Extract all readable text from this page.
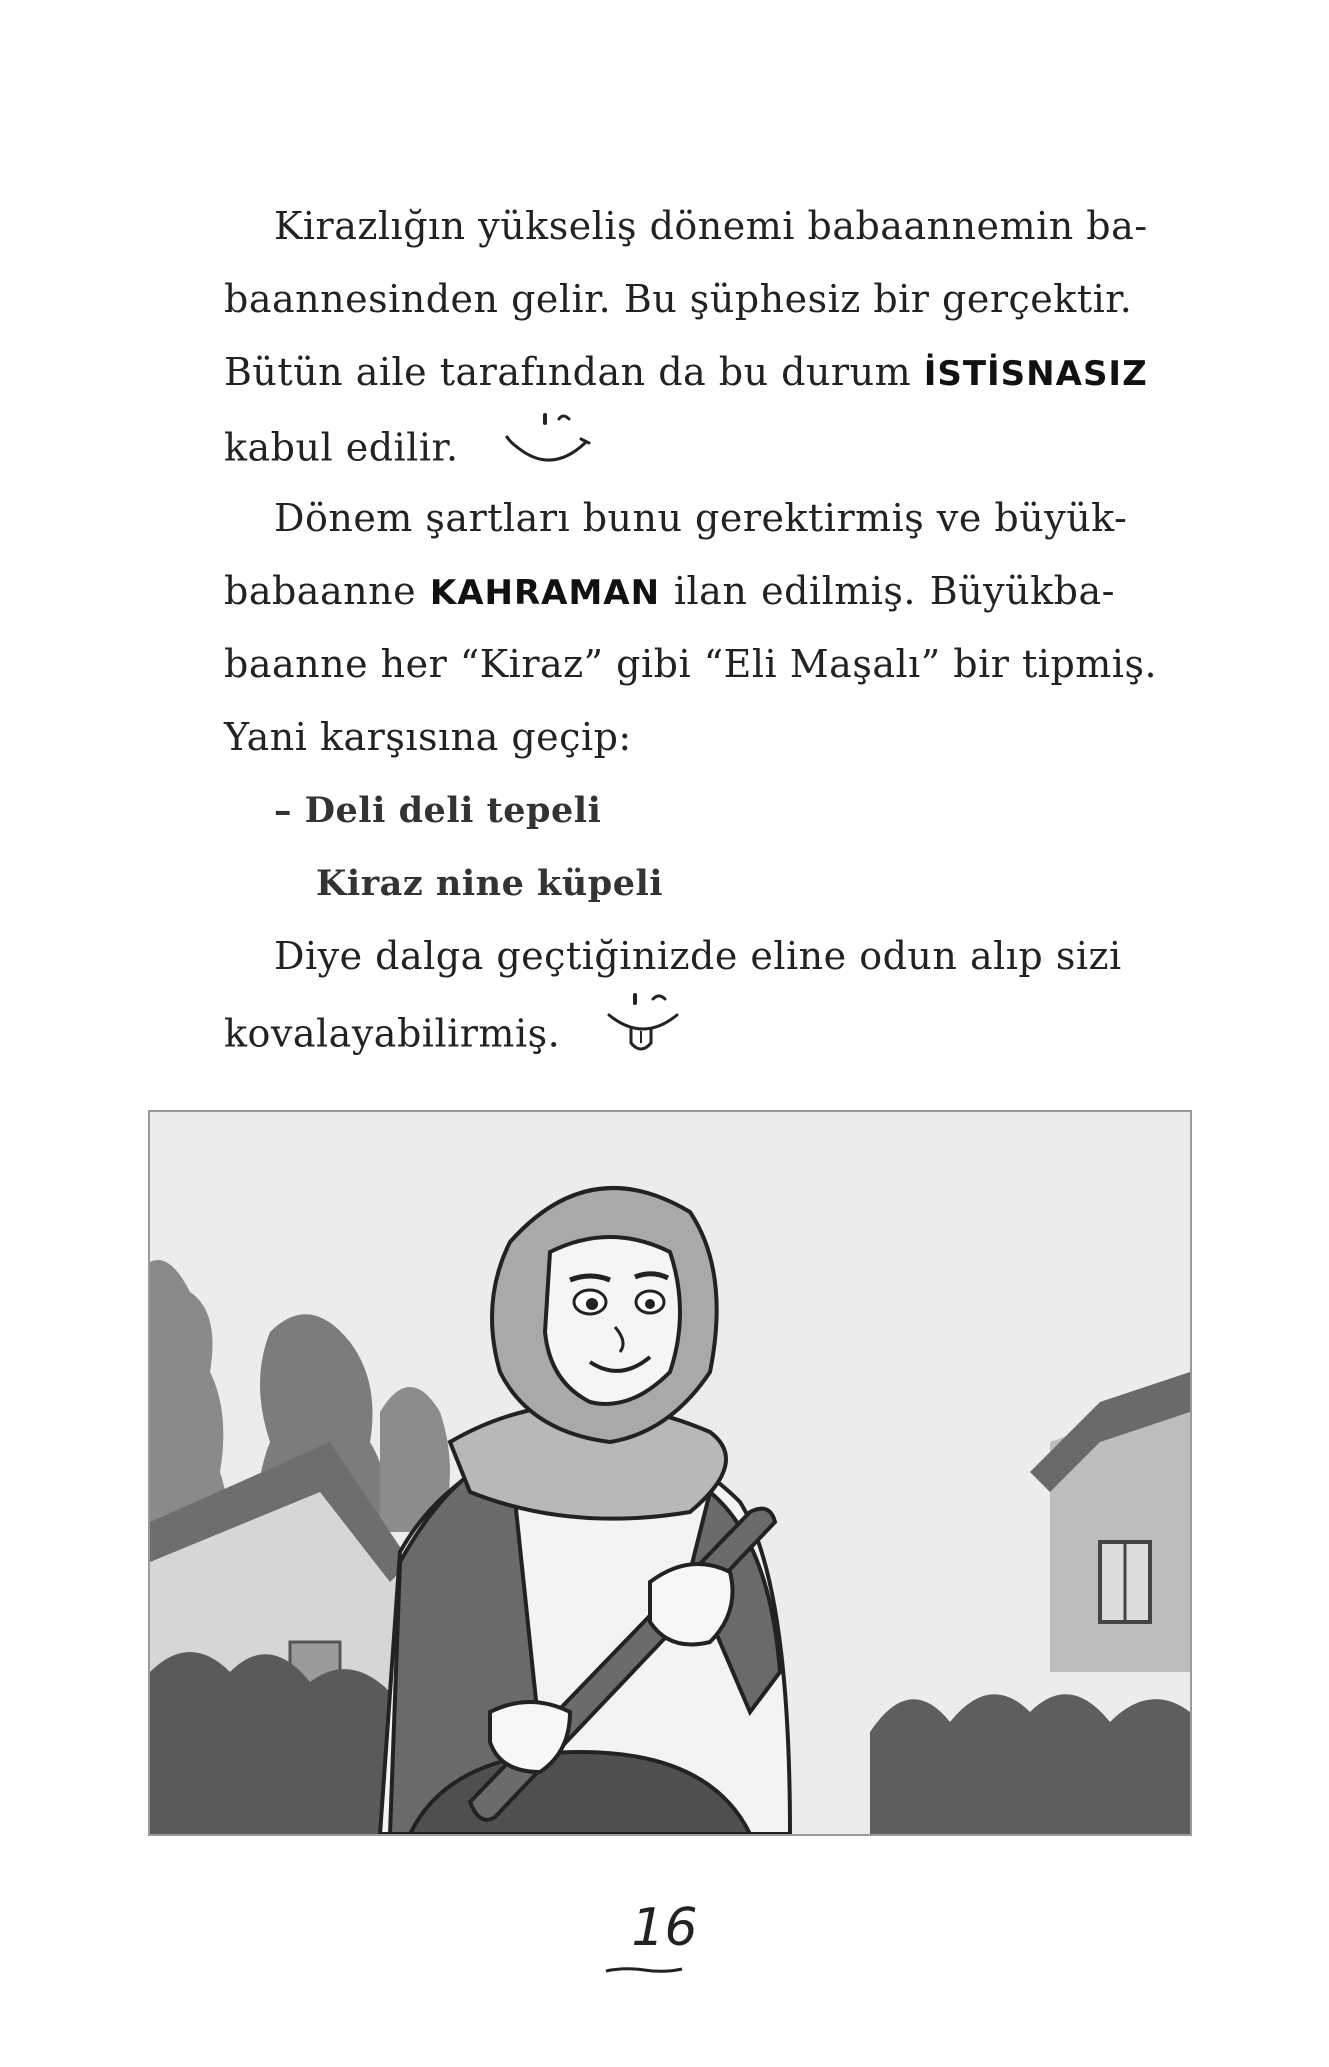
Kirazlığın yükseliş dönemi babaannemin ba-
baannesinden gelir. Bu şüphesiz bir gerçektir.
Bütün aile tarafından da bu durum İSTİSNASIZ
kabul edilir.
Dönem şartları bunu gerektirmiş ve büyük-
babaanne KAHRAMAN ilan edilmiş. Büyükba-
baanne her “Kiraz” gibi “Eli Maşalı” bir tipmiş.
Yani karşısına geçip:
– Deli deli tepeli
Kiraz nine küpeli
Diye dalga geçtiğinizde eline odun alıp sizi
kovalayabilirmiş.
16
